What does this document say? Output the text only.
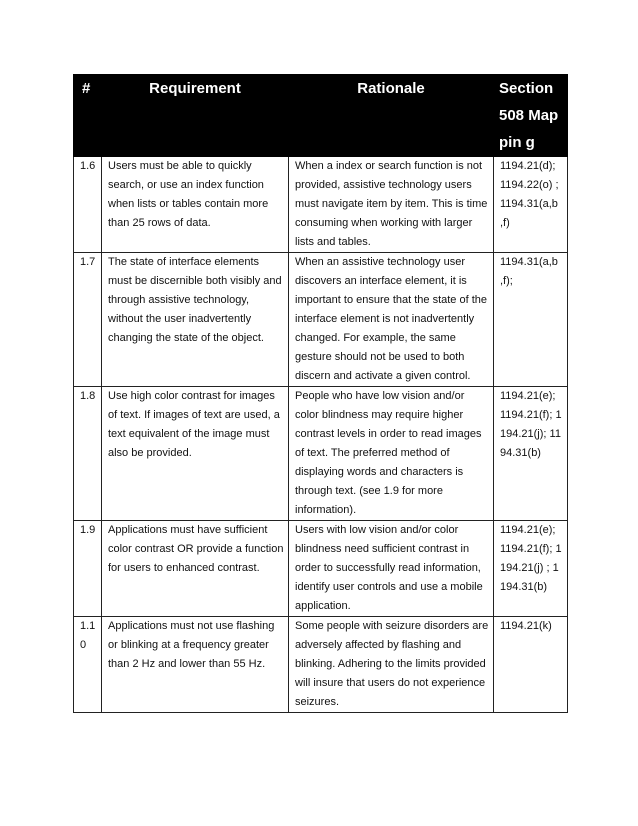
#	Requirement	Rationale	Section 508 Mappin g

1.6	Users must be able to quickly search, or use an index function when lists or tables contain more than 25 rows of data.	When a index or search function is not provided, assistive technology users must navigate item by item. This is time consuming when working with larger lists and tables.	1194.21(d); 1194.22(o) ; 1194.31(a,b ,f)
1.7	The state of interface elements must be discernible both visibly and through assistive technology, without the user inadvertently changing the state of the object.	When an assistive technology user discovers an interface element, it is important to ensure that the state of the interface element is not inadvertently changed. For example, the same gesture should not be used to both discern and activate a given control.	1194.31(a,b ,f);
1.8	Use high color contrast for images of text. If images of text are used, a text equivalent of the image must also be provided.	People who have low vision and/or color blindness may require higher contrast levels in order to read images of text. The preferred method of displaying words and characters is through text. (see 1.9 for more information).	1194.21(e); 1194.21(f); 1194.21(j); 1194.31(b)
1.9	Applications must have sufficient color contrast OR provide a function for users to enhanced contrast.	Users with low vision and/or color blindness need sufficient contrast in order to successfully read information, identify user controls and use a mobile application.	1194.21(e); 1194.21(f); 1194.21(j) ; 1194.31(b)
1.1 0	Applications must not use flashing or blinking at a frequency greater than 2 Hz and lower than 55 Hz.	Some people with seizure disorders are adversely affected by flashing and blinking. Adhering to the limits provided will insure that users do not experience seizures.	1194.21(k)
